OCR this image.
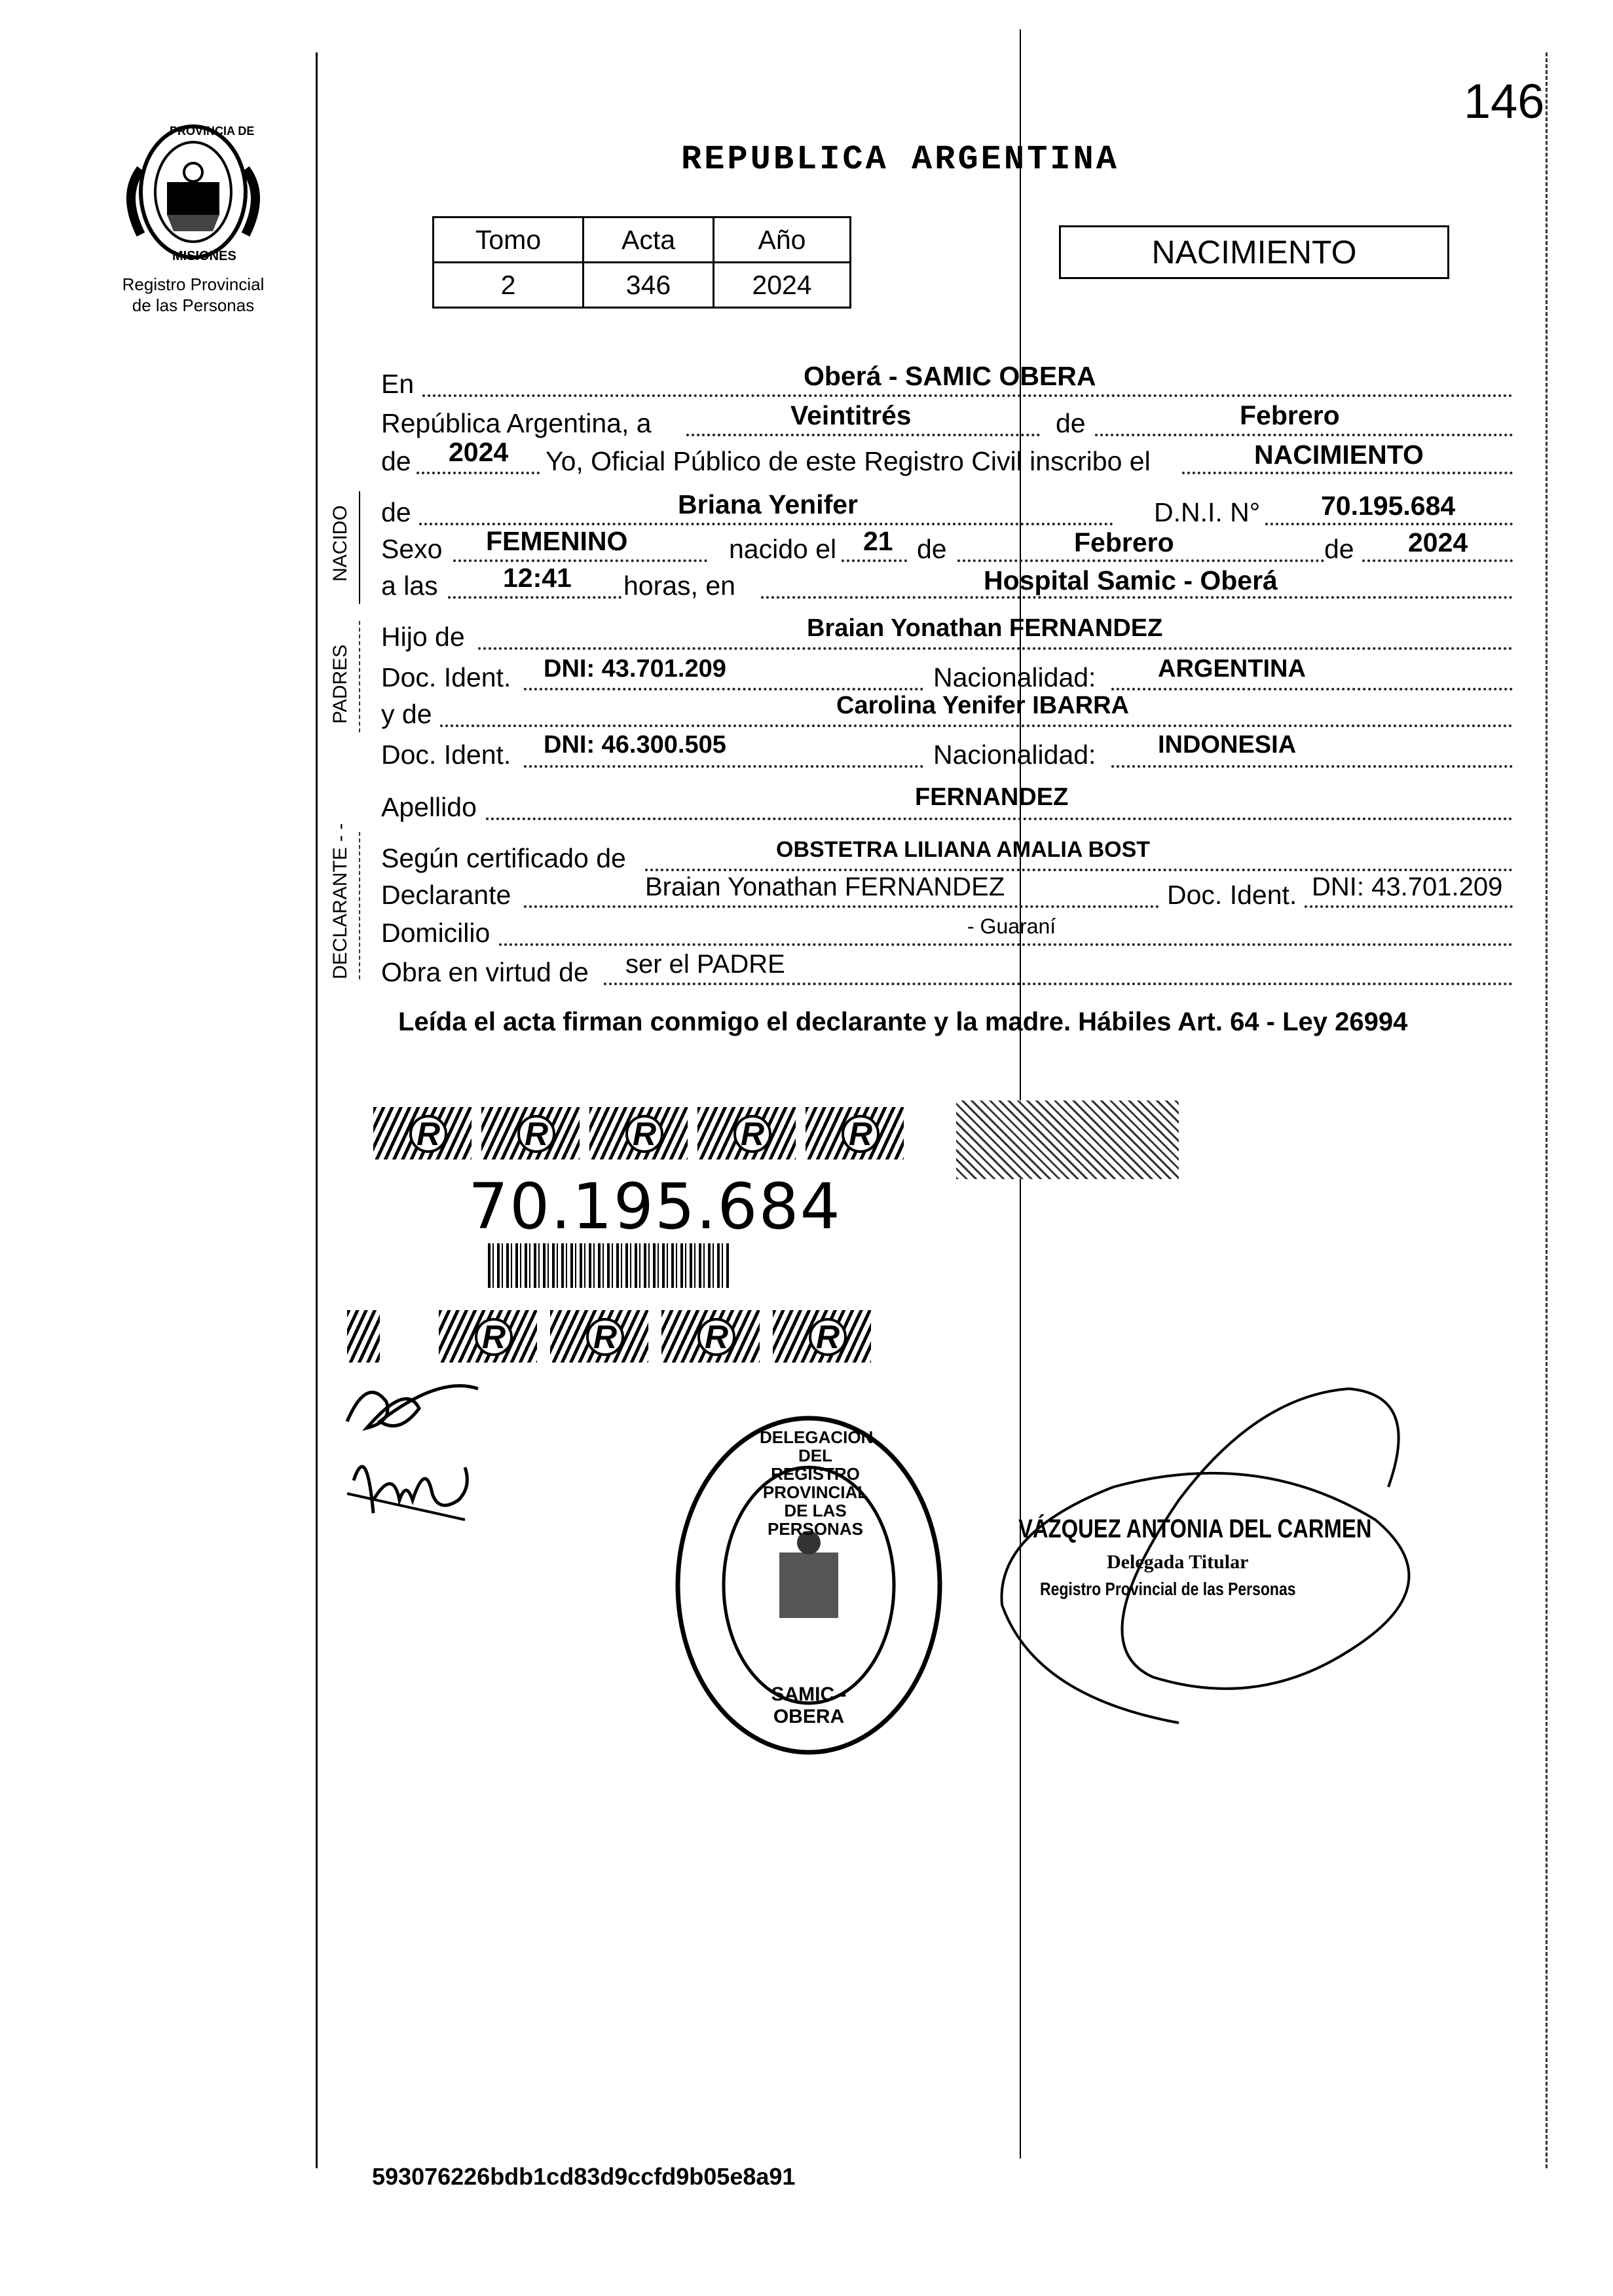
146
PROVINCIA DE
MISIONES
Registro Provincial
de las Personas
REPUBLICA ARGENTINA
Tomo	Acta	Año
2	346	2024
NACIMIENTO
NACIDO
PADRES
DECLARANTE - -
En	Oberá - SAMIC OBERA
República Argentina, a	Veintitrés	de	Febrero
de 2024 Yo, Oficial Público de este Registro Civil inscribo el	NACIMIENTO
de	Briana Yenifer	D.N.I. N° 70.195.684
Sexo FEMENINO	nacido el 21 de	Febrero	de 2024
a las 12:41 horas, en	Hospital Samic - Oberá
Hijo de	Braian Yonathan FERNANDEZ
Doc. Ident. DNI: 43.701.209	Nacionalidad: ARGENTINA
y de	Carolina Yenifer IBARRA
Doc. Ident. DNI: 46.300.505	Nacionalidad: INDONESIA
Apellido	FERNANDEZ
Según certificado de	OBSTETRA LILIANA AMALIA BOST
Declarante	Braian Yonathan FERNANDEZ	Doc. Ident. DNI: 43.701.209
Domicilio	- Guaraní
Obra en virtud de ser el PADRE
Leída el acta firman conmigo el declarante y la madre. Hábiles Art. 64 - Ley 26994
R	R	R	R	R
70.195.684
R	R	R	R
DELEGACIÓN DEL REGISTRO PROVINCIAL DE LAS PERSONAS
SAMIC - OBERA
VÁZQUEZ ANTONIA DEL CARMEN
Delegada Titular
Registro Provincial de las Personas
593076226bdb1cd83d9ccfd9b05e8a91
